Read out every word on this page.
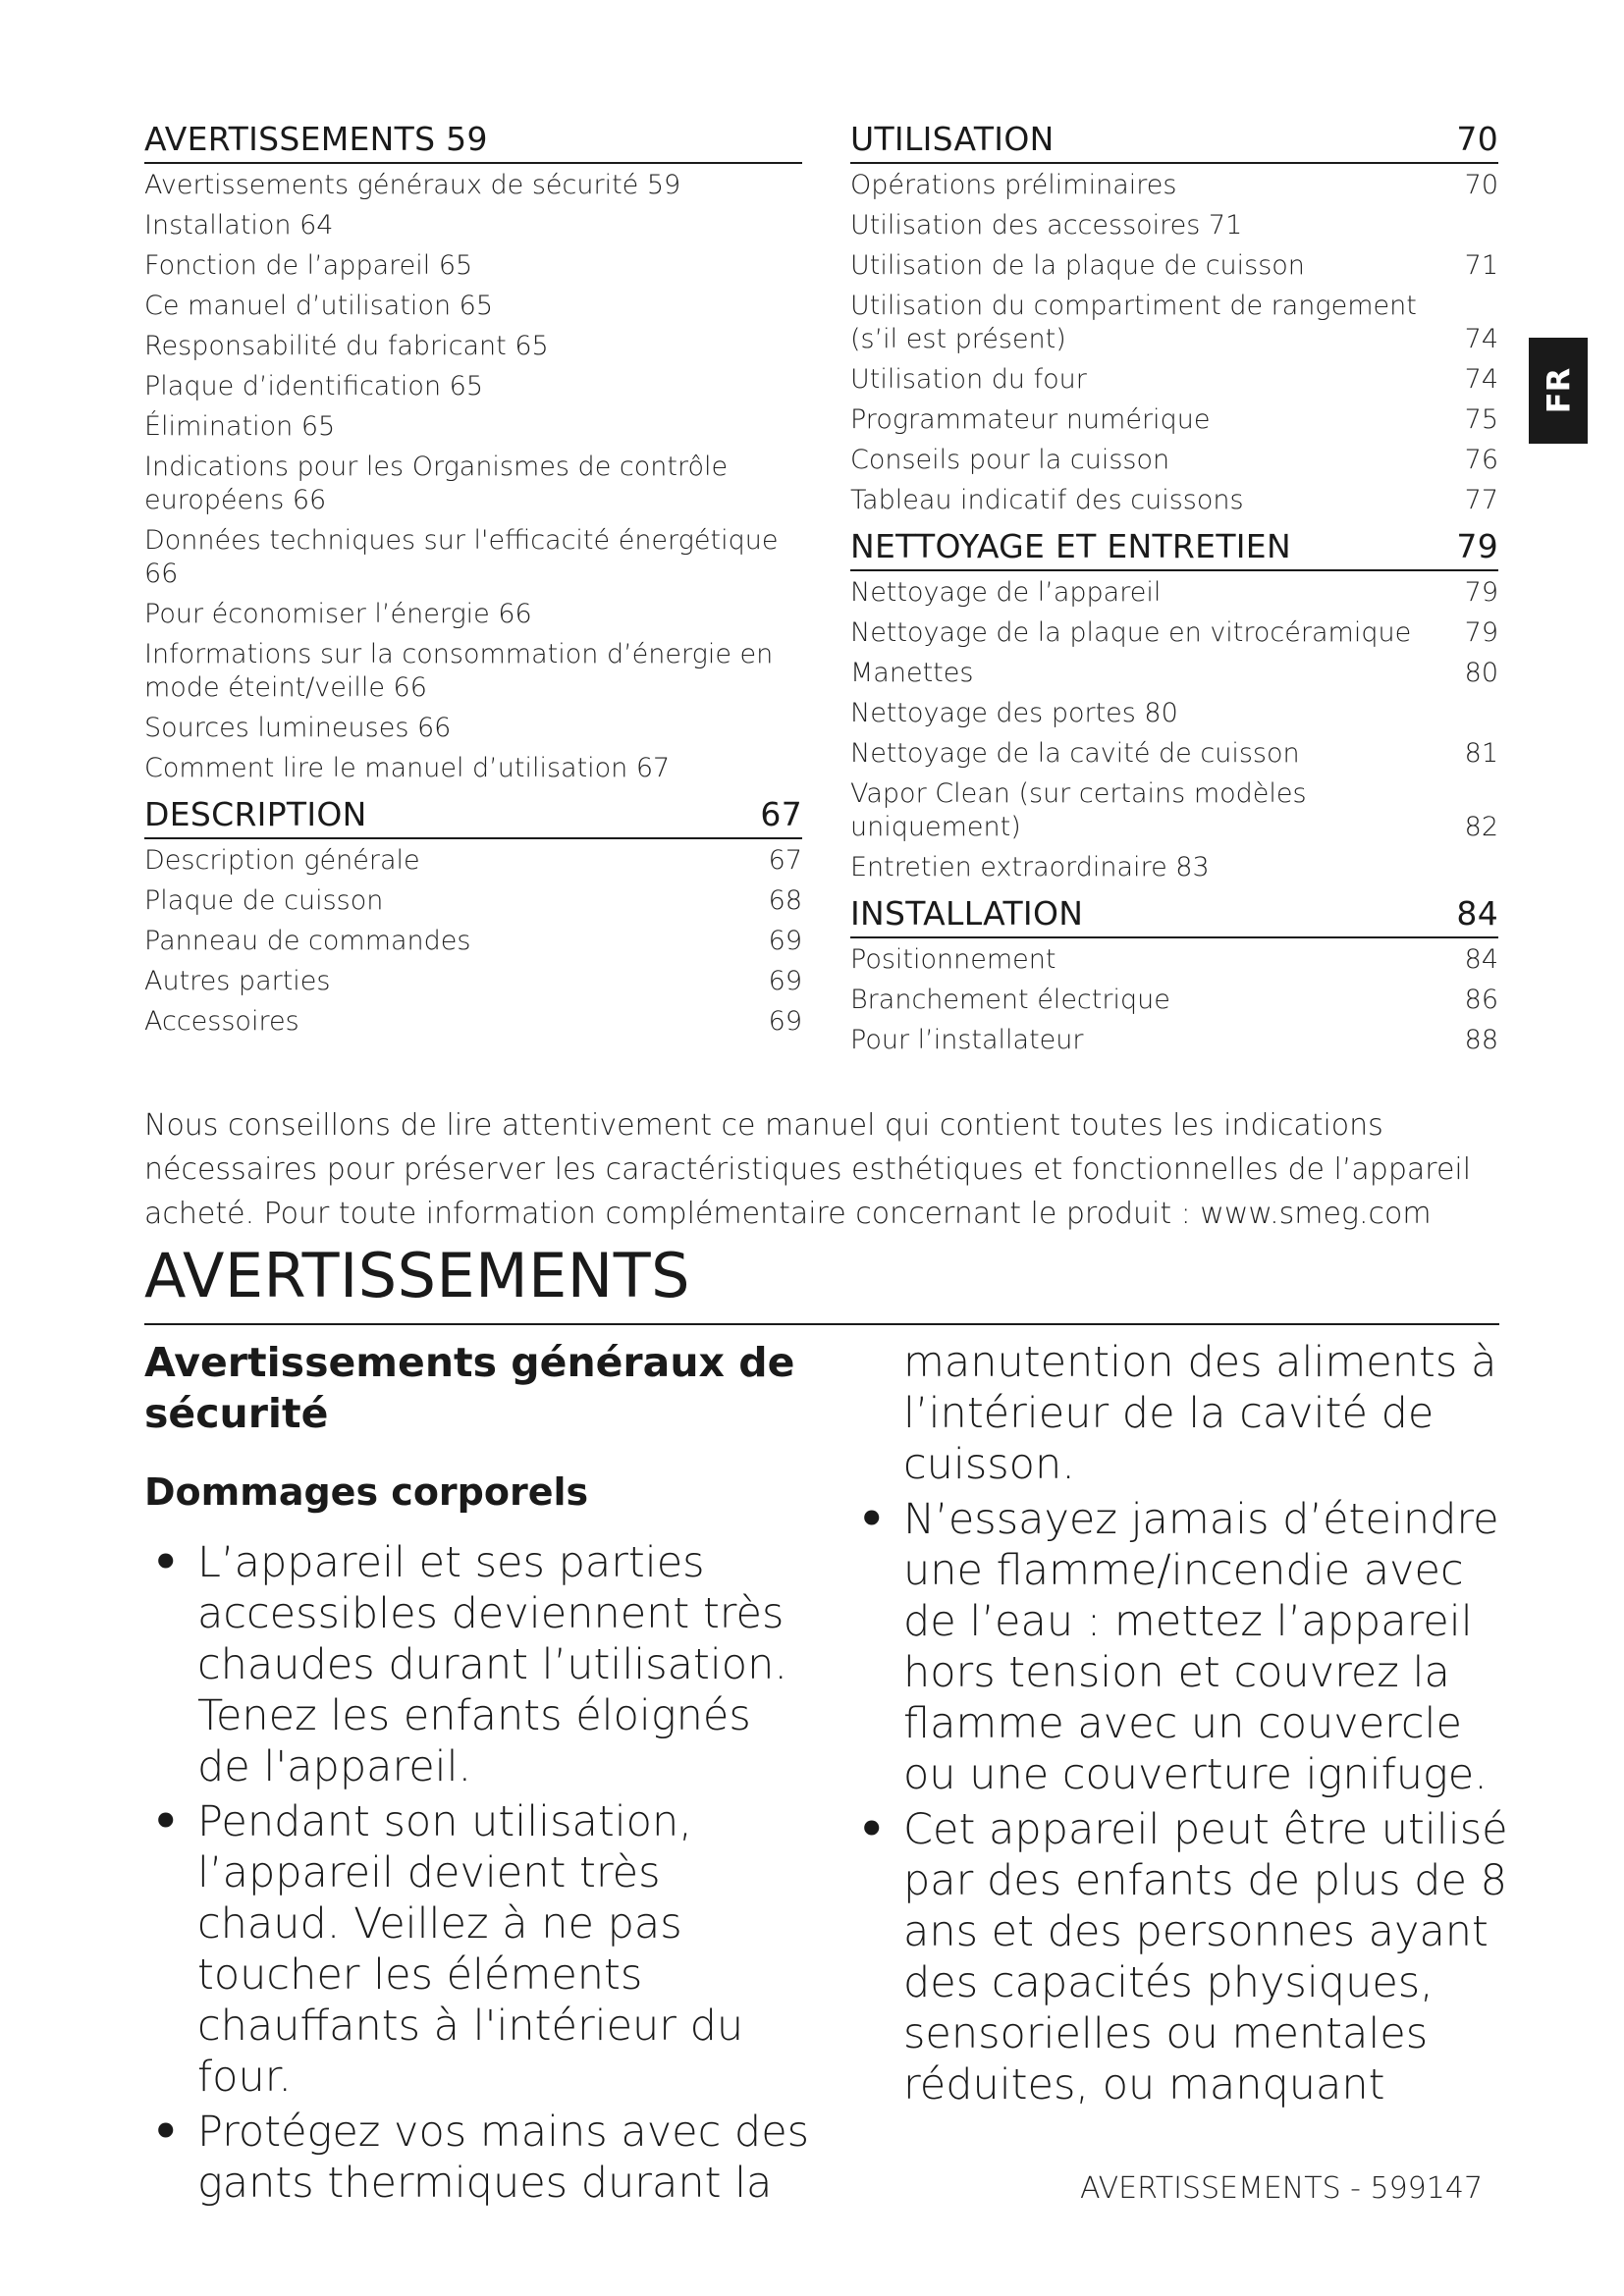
AVERTISSEMENTS 59
Avertissements généraux de sécurité 59
Installation 64
Fonction de l’appareil 65
Ce manuel d’utilisation 65
Responsabilité du fabricant 65
Plaque d’identification 65
Élimination 65
Indications pour les Organismes de contrôle européens 66
Données techniques sur l'efficacité énergétique 66
Pour économiser l’énergie 66
Informations sur la consommation d’énergie en mode éteint/veille 66
Sources lumineuses 66
Comment lire le manuel d’utilisation 67
DESCRIPTION	67
Description générale	67
Plaque de cuisson	68
Panneau de commandes	69
Autres parties	69
Accessoires	69
UTILISATION	70
Opérations préliminaires	70
Utilisation des accessoires 71
Utilisation de la plaque de cuisson	71
Utilisation du compartiment de rangement (s’il est présent)	74
Utilisation du four	74
Programmateur numérique	75
Conseils pour la cuisson	76
Tableau indicatif des cuissons	77
NETTOYAGE ET ENTRETIEN	79
Nettoyage de l’appareil	79
Nettoyage de la plaque en vitrocéramique	79
Manettes	80
Nettoyage des portes 80
Nettoyage de la cavité de cuisson	81
Vapor Clean (sur certains modèles uniquement)	82
Entretien extraordinaire 83
INSTALLATION	84
Positionnement	84
Branchement électrique	86
Pour l’installateur	88
FR

Nous conseillons de lire attentivement ce manuel qui contient toutes les indications nécessaires pour préserver les caractéristiques esthétiques et fonctionnelles de l’appareil acheté. Pour toute information complémentaire concernant le produit : www.smeg.com

AVERTISSEMENTS
Avertissements généraux de sécurité
Dommages corporels
• L’appareil et ses parties accessibles deviennent très chaudes durant l’utilisation. Tenez les enfants éloignés de l'appareil.
• Pendant son utilisation, l’appareil devient très chaud. Veillez à ne pas toucher les éléments chauffants à l'intérieur du four.
• Protégez vos mains avec des gants thermiques durant la

manutention des aliments à l’intérieur de la cavité de cuisson.

• N’essayez jamais d’éteindre une flamme/incendie avec de l’eau : mettez l’appareil hors tension et couvrez la flamme avec un couvercle ou une couverture ignifuge.
• Cet appareil peut être utilisé par des enfants de plus de 8 ans et des personnes ayant des capacités physiques, sensorielles ou mentales réduites, ou manquant
AVERTISSEMENTS - 599147
